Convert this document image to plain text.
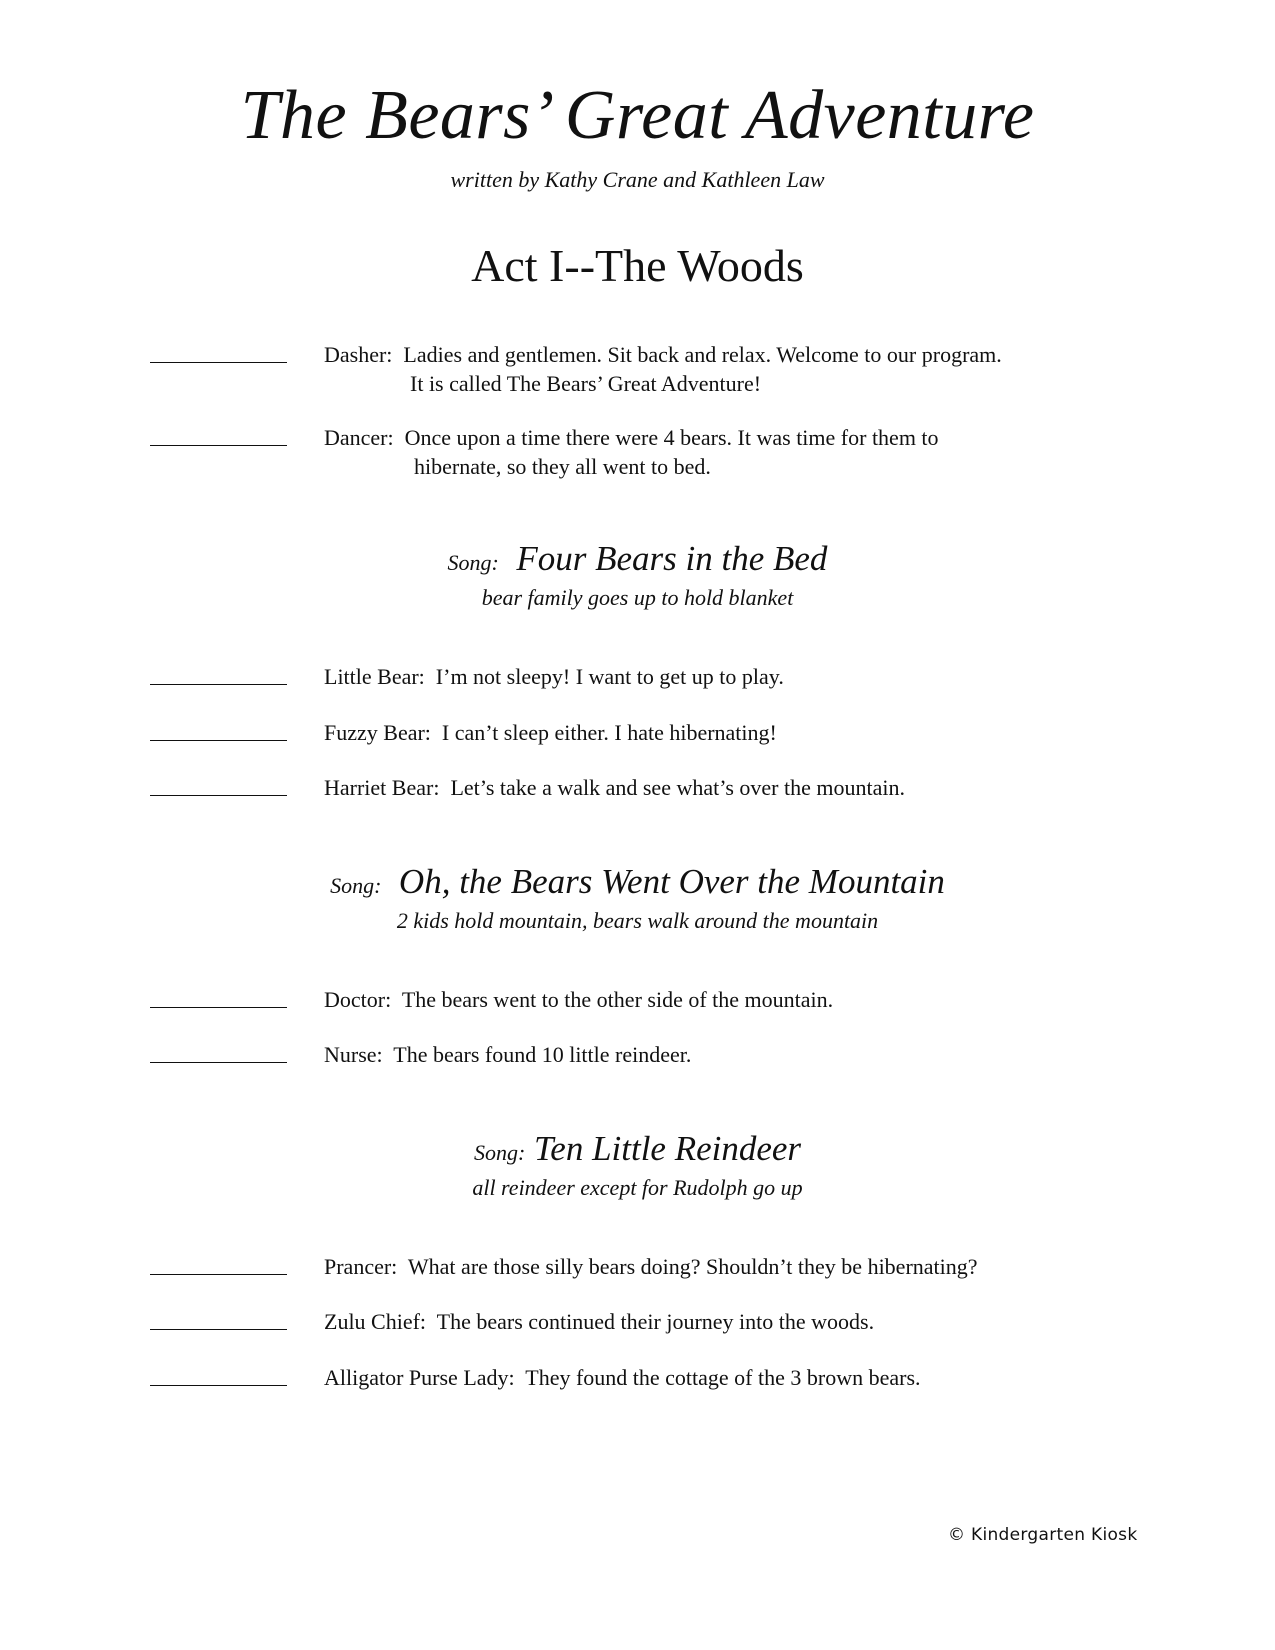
The Bears’ Great Adventure
written by Kathy Crane and Kathleen Law
Act I--The Woods
Dasher: Ladies and gentlemen. Sit back and relax. Welcome to our program.
It is called The Bears’ Great Adventure!
Dancer: Once upon a time there were 4 bears. It was time for them to
hibernate, so they all went to bed.
Song: Four Bears in the Bed
bear family goes up to hold blanket
Little Bear: I’m not sleepy! I want to get up to play.
Fuzzy Bear: I can’t sleep either. I hate hibernating!
Harriet Bear: Let’s take a walk and see what’s over the mountain.
Song: Oh, the Bears Went Over the Mountain
2 kids hold mountain, bears walk around the mountain
Doctor: The bears went to the other side of the mountain.
Nurse: The bears found 10 little reindeer.
Song: Ten Little Reindeer
all reindeer except for Rudolph go up
Prancer: What are those silly bears doing? Shouldn’t they be hibernating?
Zulu Chief: The bears continued their journey into the woods.
Alligator Purse Lady: They found the cottage of the 3 brown bears.
© Kindergarten Kiosk
